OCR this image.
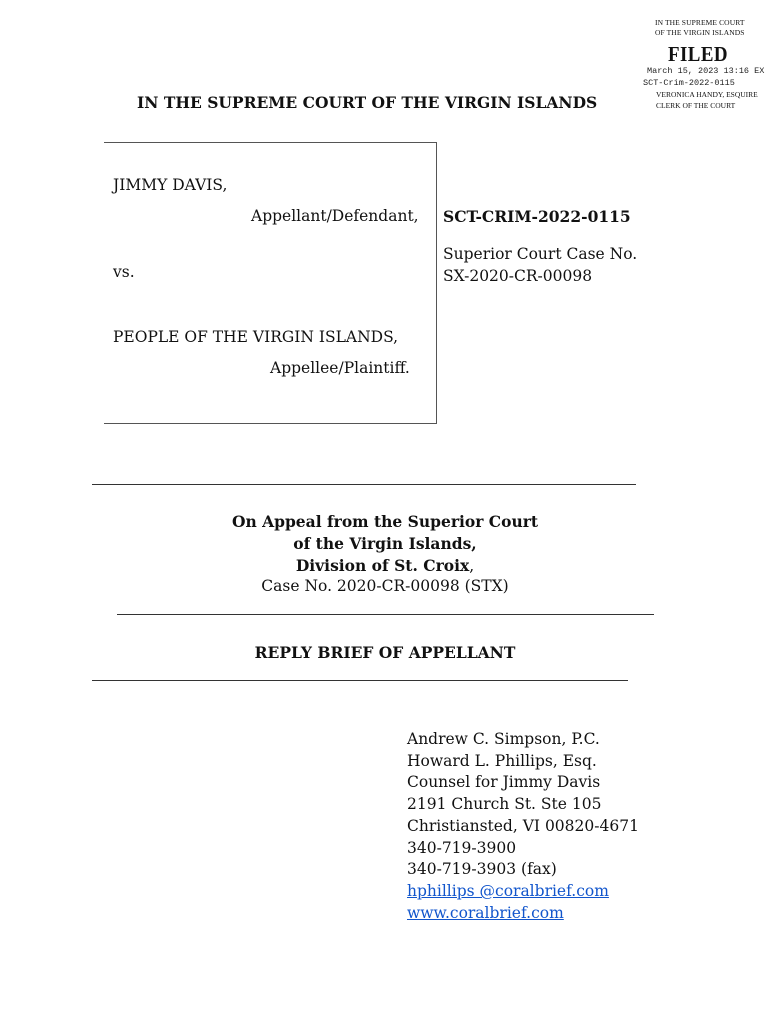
IN THE SUPREME COURT
OF THE VIRGIN ISLANDS
FILED
March 15, 2023 13:16 EX
SCT-Crim-2022-0115
VERONICA HANDY, ESQUIRE
CLERK OF THE COURT
IN THE SUPREME COURT OF THE VIRGIN ISLANDS
JIMMY DAVIS,
Appellant/Defendant,
vs.
PEOPLE OF THE VIRGIN ISLANDS,
Appellee/Plaintiff.
SCT-CRIM-2022-0115
Superior Court Case No.
SX-2020-CR-00098
On Appeal from the Superior Court
of the Virgin Islands,
Division of St. Croix,
Case No. 2020-CR-00098 (STX)
REPLY BRIEF OF APPELLANT
Andrew C. Simpson, P.C.
Howard L. Phillips, Esq.
Counsel for Jimmy Davis
2191 Church St. Ste 105
Christiansted, VI 00820-4671
340-719-3900
340-719-3903 (fax)
hphillips @coralbrief.com
www.coralbrief.com
